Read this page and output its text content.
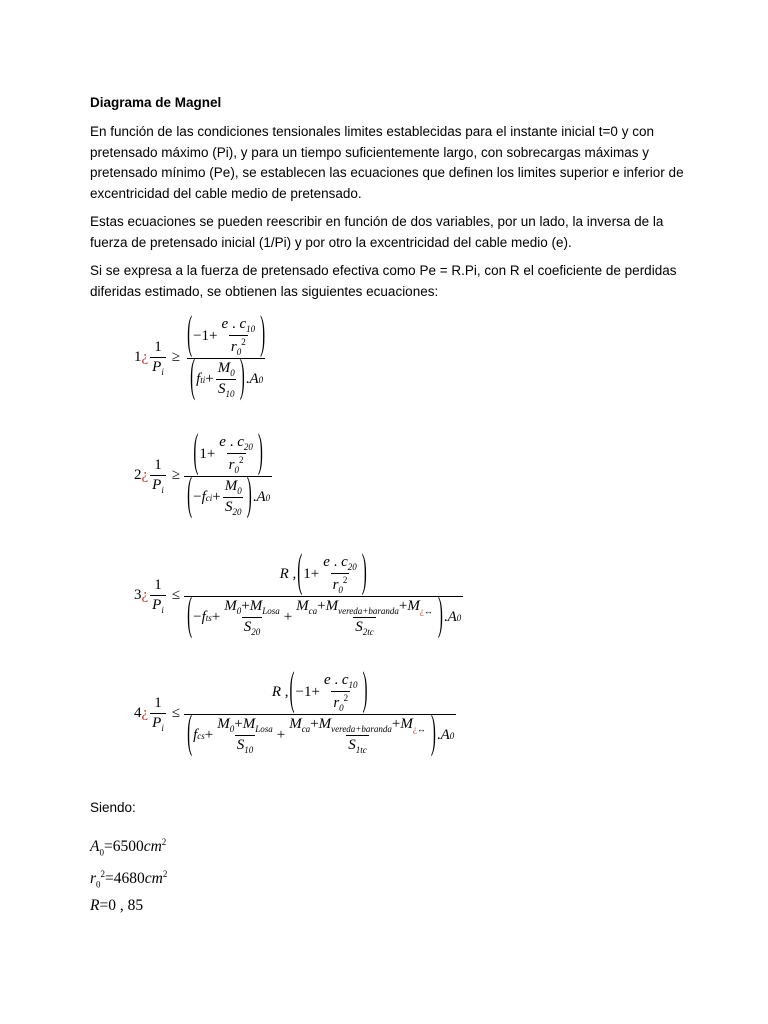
Diagrama de Magnel

En función de las condiciones tensionales limites establecidas para el instante inicial t=0 y con pretensado máximo (Pi), y para un tiempo suficientemente largo, con sobrecargas máximas y pretensado mínimo (Pe), se establecen las ecuaciones que definen los limites superior e inferior de excentricidad del cable medio de pretensado.

Estas ecuaciones se pueden reescribir en función de dos variables, por un lado, la inversa de la fuerza de pretensado inicial (1/Pi) y por otro la excentricidad del cable medio (e).

Si se expresa a la fuerza de pretensado efectiva como Pe = R.Pi, con R el coeficiente de perdidas diferidas estimado, se obtienen las siguientes ecuaciones:

1 ¿ $\frac{1}{P_i} \ge \frac{( -1+ \frac{e . c_{10}}{r_0^2} )}{( f ti + \frac{M_0}{S_{10}} ) . A 0}$
2 ¿ $\frac{1}{P_i} \ge \frac{( 1+ \frac{e . c_{20}}{r_0^2} )}{( - f ci + \frac{M_0}{S_{20}} ) . A 0}$
3 ¿ $\frac{1}{P_i}$ ≤
R , ( $1+ \frac{e . c_{20}}{r_0^2}$ )
( − f ts + $\frac{M_0+M_{Losa}}{S_{20}} + \frac{M_{ca}+M_{vereda+baranda}+M_{¿\leftrightarrow}}{S_{2tc}}$ ) . A 0
4 ¿ $\frac{1}{P_i}$ ≤
R , ( $-1+ \frac{e . c_{10}}{r_0^2}$ )
( f cs + $\frac{M_0+M_{Losa}}{S_{10}} + \frac{M_{ca}+M_{vereda+baranda}+M_{¿\leftrightarrow}}{S_{1tc}}$ ) . A 0
Siendo:
$A_0=6500cm^2$
$r_0^2=4680cm^2$
R=0 , 85
